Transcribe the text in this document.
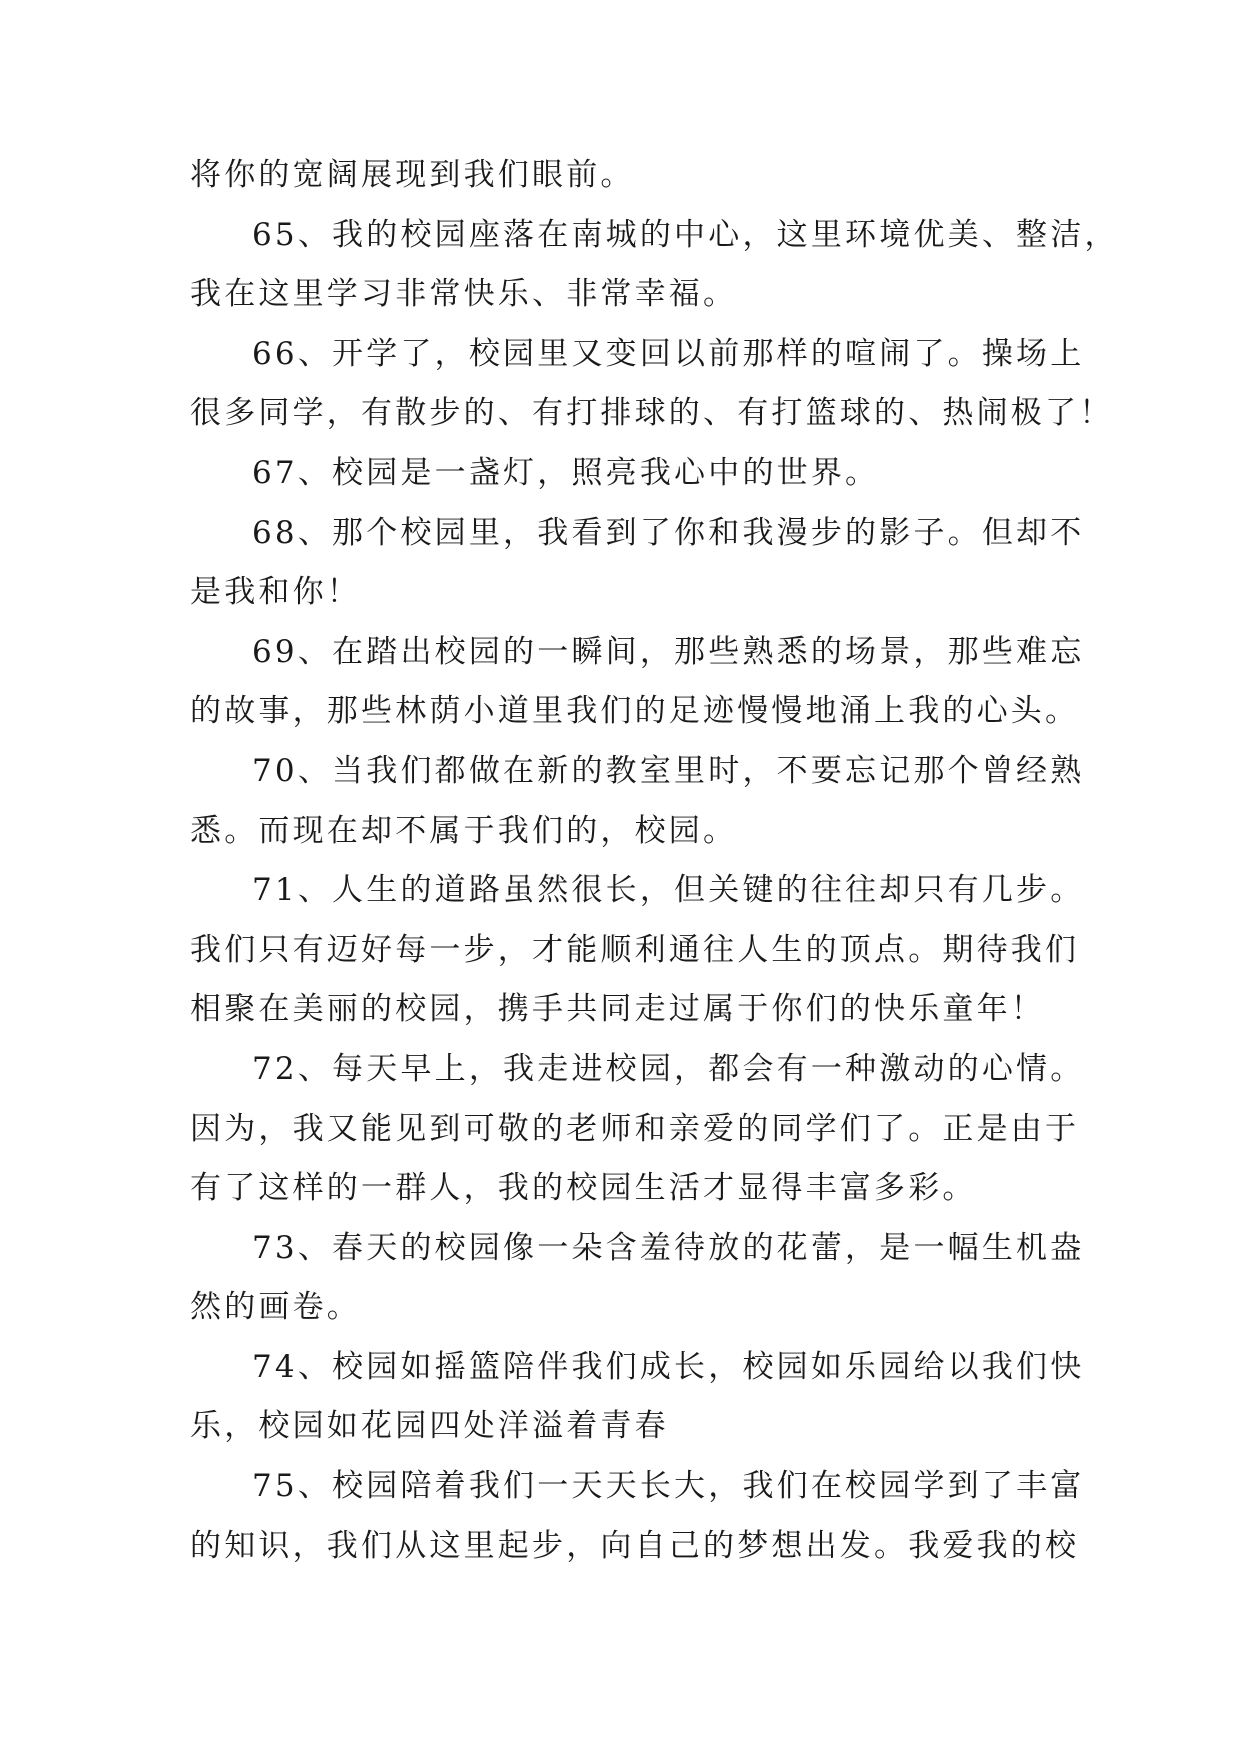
将你的宽阔展现到我们眼前。
65、我的校园座落在南城的中心，这里环境优美、整洁，
我在这里学习非常快乐、非常幸福。
66、开学了，校园里又变回以前那样的喧闹了。操场上
很多同学，有散步的、有打排球的、有打篮球的、热闹极了！
67、校园是一盏灯，照亮我心中的世界。
68、那个校园里，我看到了你和我漫步的影子。但却不
是我和你！
69、在踏出校园的一瞬间，那些熟悉的场景，那些难忘
的故事，那些林荫小道里我们的足迹慢慢地涌上我的心头。
70、当我们都做在新的教室里时，不要忘记那个曾经熟
悉。而现在却不属于我们的，校园。
71、人生的道路虽然很长，但关键的往往却只有几步。
我们只有迈好每一步，才能顺利通往人生的顶点。期待我们
相聚在美丽的校园，携手共同走过属于你们的快乐童年！
72、每天早上，我走进校园，都会有一种激动的心情。
因为，我又能见到可敬的老师和亲爱的同学们了。正是由于
有了这样的一群人，我的校园生活才显得丰富多彩。
73、春天的校园像一朵含羞待放的花蕾，是一幅生机盎
然的画卷。
74、校园如摇篮陪伴我们成长，校园如乐园给以我们快
乐，校园如花园四处洋溢着青春
75、校园陪着我们一天天长大，我们在校园学到了丰富
的知识，我们从这里起步，向自己的梦想出发。我爱我的校
